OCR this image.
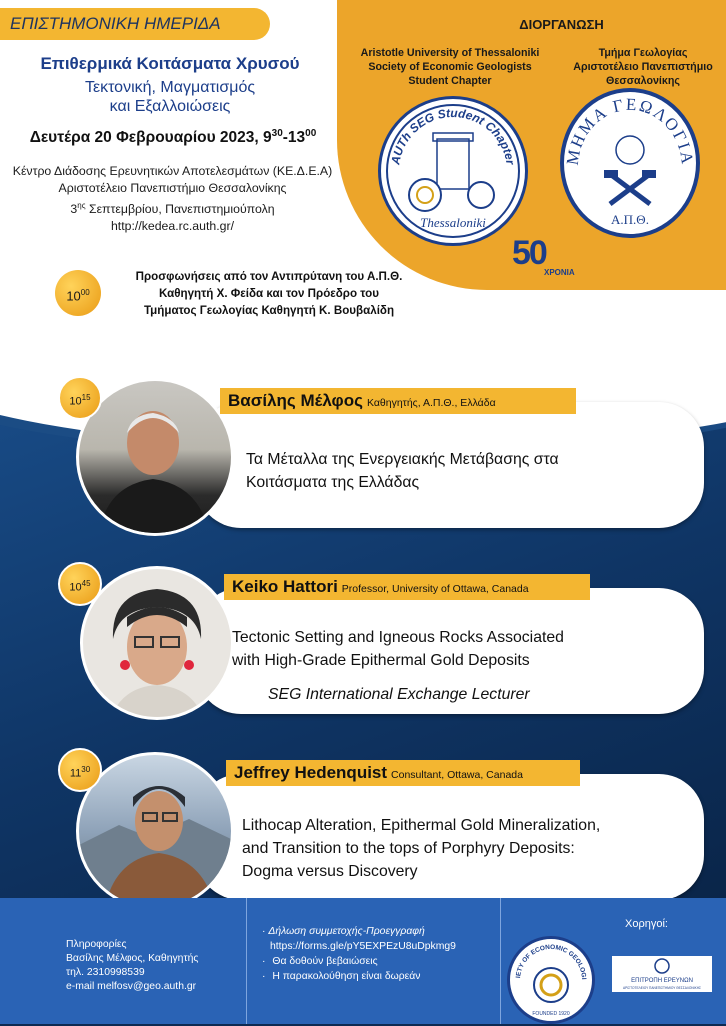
ΔΙΟΡΓΑΝΩΣΗ
Aristotle University of Thessaloniki
Society of Economic Geologists
Student Chapter
Τμήμα Γεωλογίας
Αριστοτέλειο Πανεπιστήμιο
Θεσσαλονίκης
AUTh SEG Student Chapter
Thessaloniki
ΜΗΜΑ ΓΕΩΛΟΓΙΑ
Α.Π.Θ.
50
ΧΡΟΝΙΑ
ΕΠΙΣΤΗΜΟΝΙΚΗ ΗΜΕΡΙΔΑ
Επιθερμικά Κοιτάσματα Χρυσού
Τεκτονική, Μαγματισμός
και Εξαλλοιώσεις
Δευτέρα 20 Φεβρουαρίου 2023, $9^{30}-13^{00}$
Κέντρο Διάδοσης Ερευνητικών Αποτελεσμάτων (ΚΕ.Δ.Ε.Α)
Αριστοτέλειο Πανεπιστήμιο Θεσσαλονίκης
$3^{\eta\varsigma}$ Σεπτεμβρίου, Πανεπιστημιούπολη
http://kedea.rc.auth.gr/
$10^{00}$
Προσφωνήσεις από τον Αντιπρύτανη του Α.Π.Θ.
Καθηγητή Χ. Φείδα και τον Πρόεδρο του
Τμήματος Γεωλογίας Καθηγητή Κ. Βουβαλίδη
$10^{15}$	Βασίλης Μέλφος Καθηγητής, Α.Π.Θ., Ελλάδα
Τα Μέταλλα της Ενεργειακής Μετάβασης στα
Κοιτάσματα της Ελλάδας
$10^{45}$	Keiko Hattori Professor, University of Ottawa, Canada
Tectonic Setting and Igneous Rocks Associated
with High-Grade Epithermal Gold Deposits
SEG International Exchange Lecturer
$11^{30}$	Jeffrey Hedenquist Consultant, Ottawa, Canada
Lithocap Alteration, Epithermal Gold Mineralization,
and Transition to the tops of Porphyry Deposits:
Dogma versus Discovery
Πληροφορίες
Βασίλης Μέλφος, Καθηγητής
τηλ. 2310998539
e-mail melfosv@geo.auth.gr
· Δήλωση συμμετοχής-Προεγγραφή
https://forms.gle/pY5EXPEzU8uDpkmg9
· Θα δοθούν βεβαιώσεις
· Η παρακολούθηση είναι δωρεάν
Χορηγοί:
IETY OF ECONOMIC GEOLOGI
FOUNDED 1920
ΕΠΙΤΡΟΠΗ ΕΡΕΥΝΩΝ
ΑΡΙΣΤΟΤΕΛΕΙΟΥ ΠΑΝΕΠΙΣΤΗΜΙΟΥ ΘΕΣΣΑΛΟΝΙΚΗΣ
